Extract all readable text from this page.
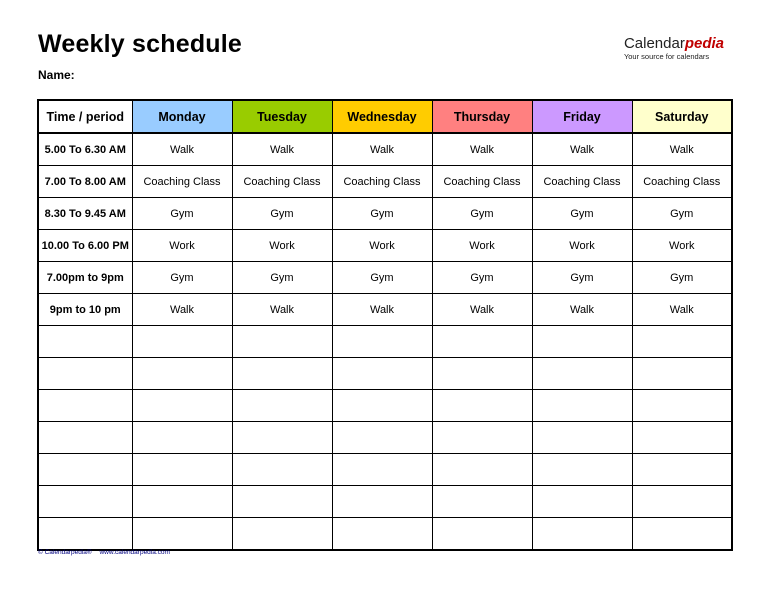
Weekly schedule
Name:
Calendarpedia
Your source for calendars
Time / period	Monday	Tuesday	Wednesday	Thursday	Friday	Saturday
5.00 To 6.30 AM	Walk	Walk	Walk	Walk	Walk	Walk
7.00 To 8.00 AM	Coaching Class	Coaching Class	Coaching Class	Coaching Class	Coaching Class	Coaching Class
8.30 To 9.45 AM	Gym	Gym	Gym	Gym	Gym	Gym
10.00 To 6.00 PM	Work	Work	Work	Work	Work	Work
7.00pm to 9pm	Gym	Gym	Gym	Gym	Gym	Gym
9pm to 10 pm	Walk	Walk	Walk	Walk	Walk	Walk

© Calendarpedia® www.calendarpedia.com
